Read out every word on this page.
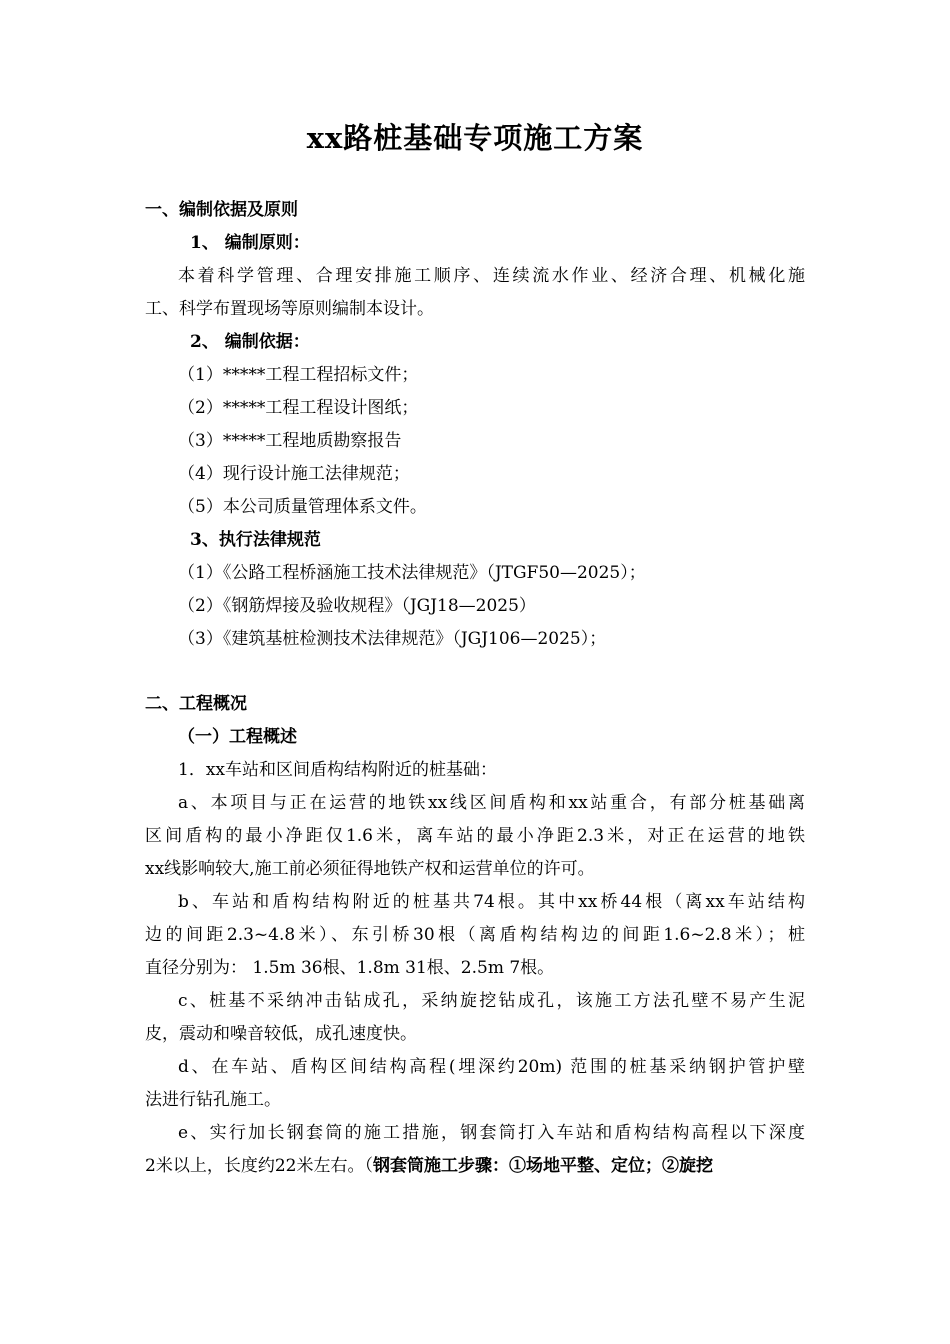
xx路桩基础专项施工方案
一、编制依据及原则
1、 编制原则：
本着科学管理、合理安排施工顺序、连续流水作业、经济合理、机械化施
工、科学布置现场等原则编制本设计。
2、 编制依据：
（1）*****工程工程招标文件；
（2）*****工程工程设计图纸；
（3）*****工程地质勘察报告
（4）现行设计施工法律规范；
（5）本公司质量管理体系文件。
3、执行法律规范
（1）《公路工程桥涵施工技术法律规范》（JTGF50—2025）；
（2）《钢筋焊接及验收规程》（JGJ18—2025）
（3）《建筑基桩检测技术法律规范》（JGJ106—2025）；
二、工程概况
（一）工程概述
1．xx车站和区间盾构结构附近的桩基础：
a、本项目与正在运营的地铁xx线区间盾构和xx站重合，有部分桩基础离
区间盾构的最小净距仅1.6米，离车站的最小净距2.3米，对正在运营的地铁
xx线影响较大,施工前必须征得地铁产权和运营单位的许可。
b、车站和盾构结构附近的桩基共74根。其中xx桥44根（离xx车站结构
边的间距2.3~4.8米）、东引桥30根（离盾构结构边的间距1.6~2.8米）；桩
直径分别为： 1.5m 36根、1.8m 31根、2.5m 7根。
c、桩基不采纳冲击钻成孔，采纳旋挖钻成孔，该施工方法孔壁不易产生泥
皮，震动和噪音较低，成孔速度快。
d、在车站、盾构区间结构高程(埋深约20m) 范围的桩基采纳钢护管护壁
法进行钻孔施工。
e、实行加长钢套筒的施工措施，钢套筒打入车站和盾构结构高程以下深度
2米以上，长度约22米左右。（钢套筒施工步骤：①场地平整、定位；②旋挖
